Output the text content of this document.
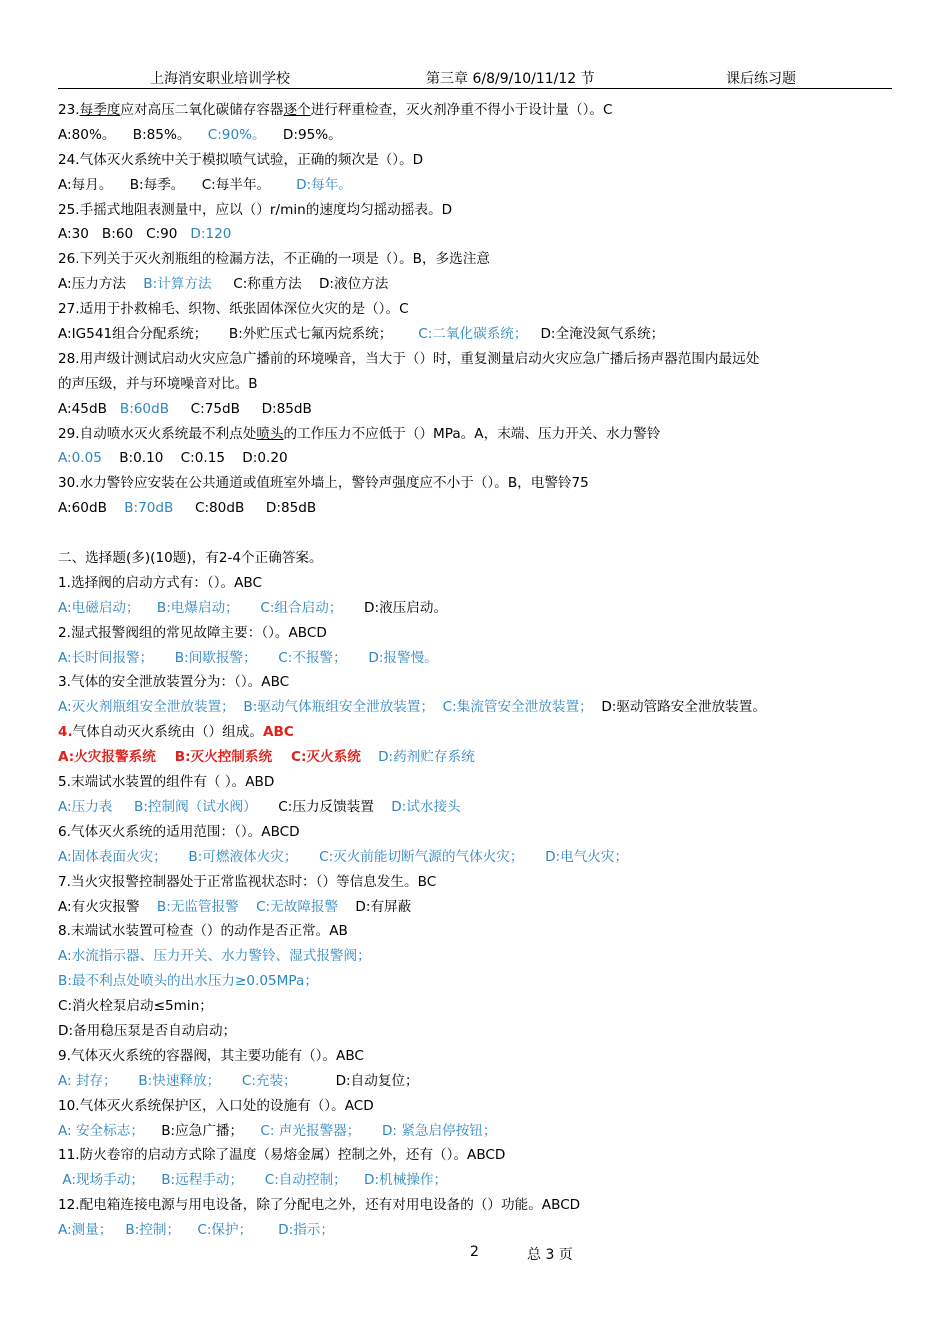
上海消安职业培训学校	第三章 6/8/9/10/11/12 节	课后练习题
23.每季度应对高压二氧化碳储存容器逐个进行秤重检查，灭火剂净重不得小于设计量（）。C
A:80%。    B:85%。    C:90%。    D:95%。
24.气体灭火系统中关于模拟喷气试验，正确的频次是（）。D
A:每月。    B:每季。    C:每半年。      D:每年。
25.手摇式地阻表测量中，应以（）r/min的速度均匀摇动摇表。D
A:30   B:60   C:90   D:120
26.下列关于灭火剂瓶组的检漏方法，不正确的一项是（）。B，多选注意
A:压力方法    B:计算方法     C:称重方法    D:液位方法
27.适用于扑救棉毛、织物、纸张固体深位火灾的是（）。C
A:IG541组合分配系统；     B:外贮压式七氟丙烷系统；      C:二氧化碳系统；   D:全淹没氮气系统；
28.用声级计测试启动火灾应急广播前的环境噪音，当大于（）时，重复测量启动火灾应急广播后扬声器范围内最远处
的声压级，并与环境噪音对比。B
A:45dB   B:60dB     C:75dB     D:85dB
29.自动喷水灭火系统最不利点处喷头的工作压力不应低于（）MPa。A，末端、压力开关、水力警铃
A:0.05    B:0.10    C:0.15    D:0.20
30.水力警铃应安装在公共通道或值班室外墙上，警铃声强度应不小于（）。B，电警铃75
A:60dB    B:70dB     C:80dB     D:85dB
二、选择题(多)(10题)，有2-4个正确答案。
1.选择阀的启动方式有：（）。ABC
A:电磁启动；    B:电爆启动；     C:组合启动；     D:液压启动。
2.湿式报警阀组的常见故障主要：（）。ABCD
A:长时间报警；     B:间歇报警；     C:不报警；     D:报警慢。
3.气体的安全泄放装置分为：（）。ABC
A:灭火剂瓶组安全泄放装置；  B:驱动气体瓶组安全泄放装置；  C:集流管安全泄放装置；  D:驱动管路安全泄放装置。
4.气体自动灭火系统由（）组成。ABC
A:火灾报警系统    B:灭火控制系统    C:灭火系统    D:药剂贮存系统
5.末端试水装置的组件有（ ）。ABD
A:压力表     B:控制阀（试水阀）     C:压力反馈装置    D:试水接头
6.气体灭火系统的适用范围：（）。ABCD
A:固体表面火灾；     B:可燃液体火灾；     C:灭火前能切断气源的气体火灾；     D:电气火灾；
7.当火灾报警控制器处于正常监视状态时：（）等信息发生。BC
A:有火灾报警    B:无监管报警    C:无故障报警    D:有屏蔽
8.末端试水装置可检查（）的动作是否正常。AB
A:水流指示器、压力开关、水力警铃、湿式报警阀；
B:最不利点处喷头的出水压力≥0.05MPa；
C:消火栓泵启动≤5min；
D:备用稳压泵是否自动启动；
9.气体灭火系统的容器阀，其主要功能有（）。ABC
A: 封存；     B:快速释放；     C:充装；         D:自动复位；
10.气体灭火系统保护区，入口处的设施有（）。ACD
A: 安全标志；    B:应急广播；    C: 声光报警器；     D: 紧急启停按钮；
11.防火卷帘的启动方式除了温度（易熔金属）控制之外，还有（）。ABCD
A:现场手动；    B:远程手动；     C:自动控制；    D:机械操作；
12.配电箱连接电源与用电设备，除了分配电之外，还有对用电设备的（）功能。ABCD
A:测量；   B:控制；    C:保护；      D:指示；
2	总 3 页
